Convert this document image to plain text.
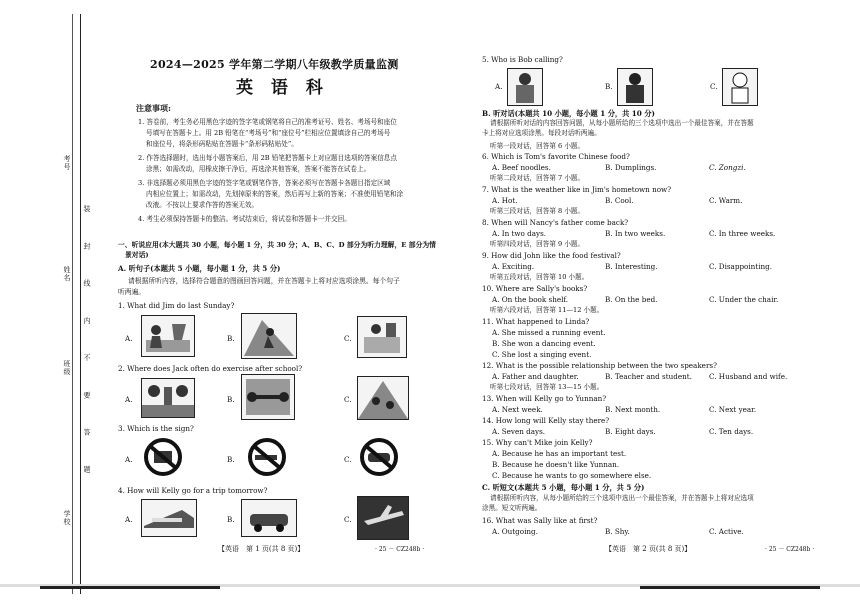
考号
姓名
班级
学校
装 封 线 内 不 要 答 题
2024—2025 学年第二学期八年级教学质量监测
英 语 科
注意事项:
1. 答卷前，考生务必用黑色字迹的签字笔或钢笔将自己的准考证号、姓名、考场号和座位
号填写在答题卡上。用 2B 铅笔在“考场号”和“座位号”栏相应位置填涂自己的考场号
和座位号，将条形码粘贴在答题卡“条形码粘贴处”。
2. 作答选择题时，选出每小题答案后，用 2B 铅笔把答题卡上对应题目选项的答案信息点
涂黑；如需改动，用橡皮擦干净后，再选涂其他答案，答案不能答在试卷上。
3. 非选择题必须用黑色字迹的签字笔或钢笔作答，答案必须写在答题卡各题目指定区域
内相应位置上；如需改动，先划掉原来的答案，然后再写上新的答案；不准使用铅笔和涂
改液。不按以上要求作答的答案无效。
4. 考生必须保持答题卡的整洁。考试结束后，将试卷和答题卡一并交回。
一、听说应用(本大题共 30 小题，每小题 1 分，共 30 分；A、B、C、D 部分为听力理解，E 部分为情
景对话)
A. 听句子(本题共 5 小题，每小题 1 分，共 5 分)
请根据所听内容，选择符合题意的图画回答问题，并在答题卡上将对应选项涂黑。每个句子
听两遍。
1. What did Jim do last Sunday?
A.	B.	C.
2. Where does Jack often do exercise after school?
A.	B.	C.
3. Which is the sign?
A.	B.	C.
4. How will Kelly go for a trip tomorrow?
A.	B.	C.
【英语　第 1 页(共 8 页)】	· 25 － CZ248b ·
5. Who is Bob calling?
A.	B.	C.
B. 听对话(本题共 10 小题，每小题 1 分，共 10 分)
请根据所听对话的内容回答问题，从每小题所给的三个选项中选出一个最佳答案，并在答题
卡上将对应选项涂黑。每段对话听两遍。
听第一段对话，回答第 6 小题。
6. Which is Tom's favorite Chinese food?
A. Beef noodles.	B. Dumplings.	C. Zongzi.
听第二段对话，回答第 7 小题。
7. What is the weather like in Jim's hometown now?
A. Hot.	B. Cool.	C. Warm.
听第三段对话，回答第 8 小题。
8. When will Nancy's father come back?
A. In two days.	B. In two weeks.	C. In three weeks.
听第四段对话，回答第 9 小题。
9. How did John like the food festival?
A. Exciting.	B. Interesting.	C. Disappointing.
听第五段对话，回答第 10 小题。
10. Where are Sally's books?
A. On the book shelf.	B. On the bed.	C. Under the chair.
听第六段对话，回答第 11—12 小题。
11. What happened to Linda?
A. She missed a running event.
B. She won a dancing event.
C. She lost a singing event.
12. What is the possible relationship between the two speakers?
A. Father and daughter.	B. Teacher and student. C. Husband and wife.
听第七段对话，回答第 13—15 小题。
13. When will Kelly go to Yunnan?
A. Next week.	B. Next month.	C. Next year.
14. How long will Kelly stay there?
A. Seven days.	B. Eight days.	C. Ten days.
15. Why can't Mike join Kelly?
A. Because he has an important test.
B. Because he doesn't like Yunnan.
C. Because he wants to go somewhere else.
C. 听短文(本题共 5 小题，每小题 1 分，共 5 分)
请根据所听内容，从每小题所给的三个选项中选出一个最佳答案，并在答题卡上将对应选项
涂黑。短文听两遍。
16. What was Sally like at first?
A. Outgoing.	B. Shy.	C. Active.
【英语　第 2 页(共 8 页)】	· 25 － CZ248b ·
